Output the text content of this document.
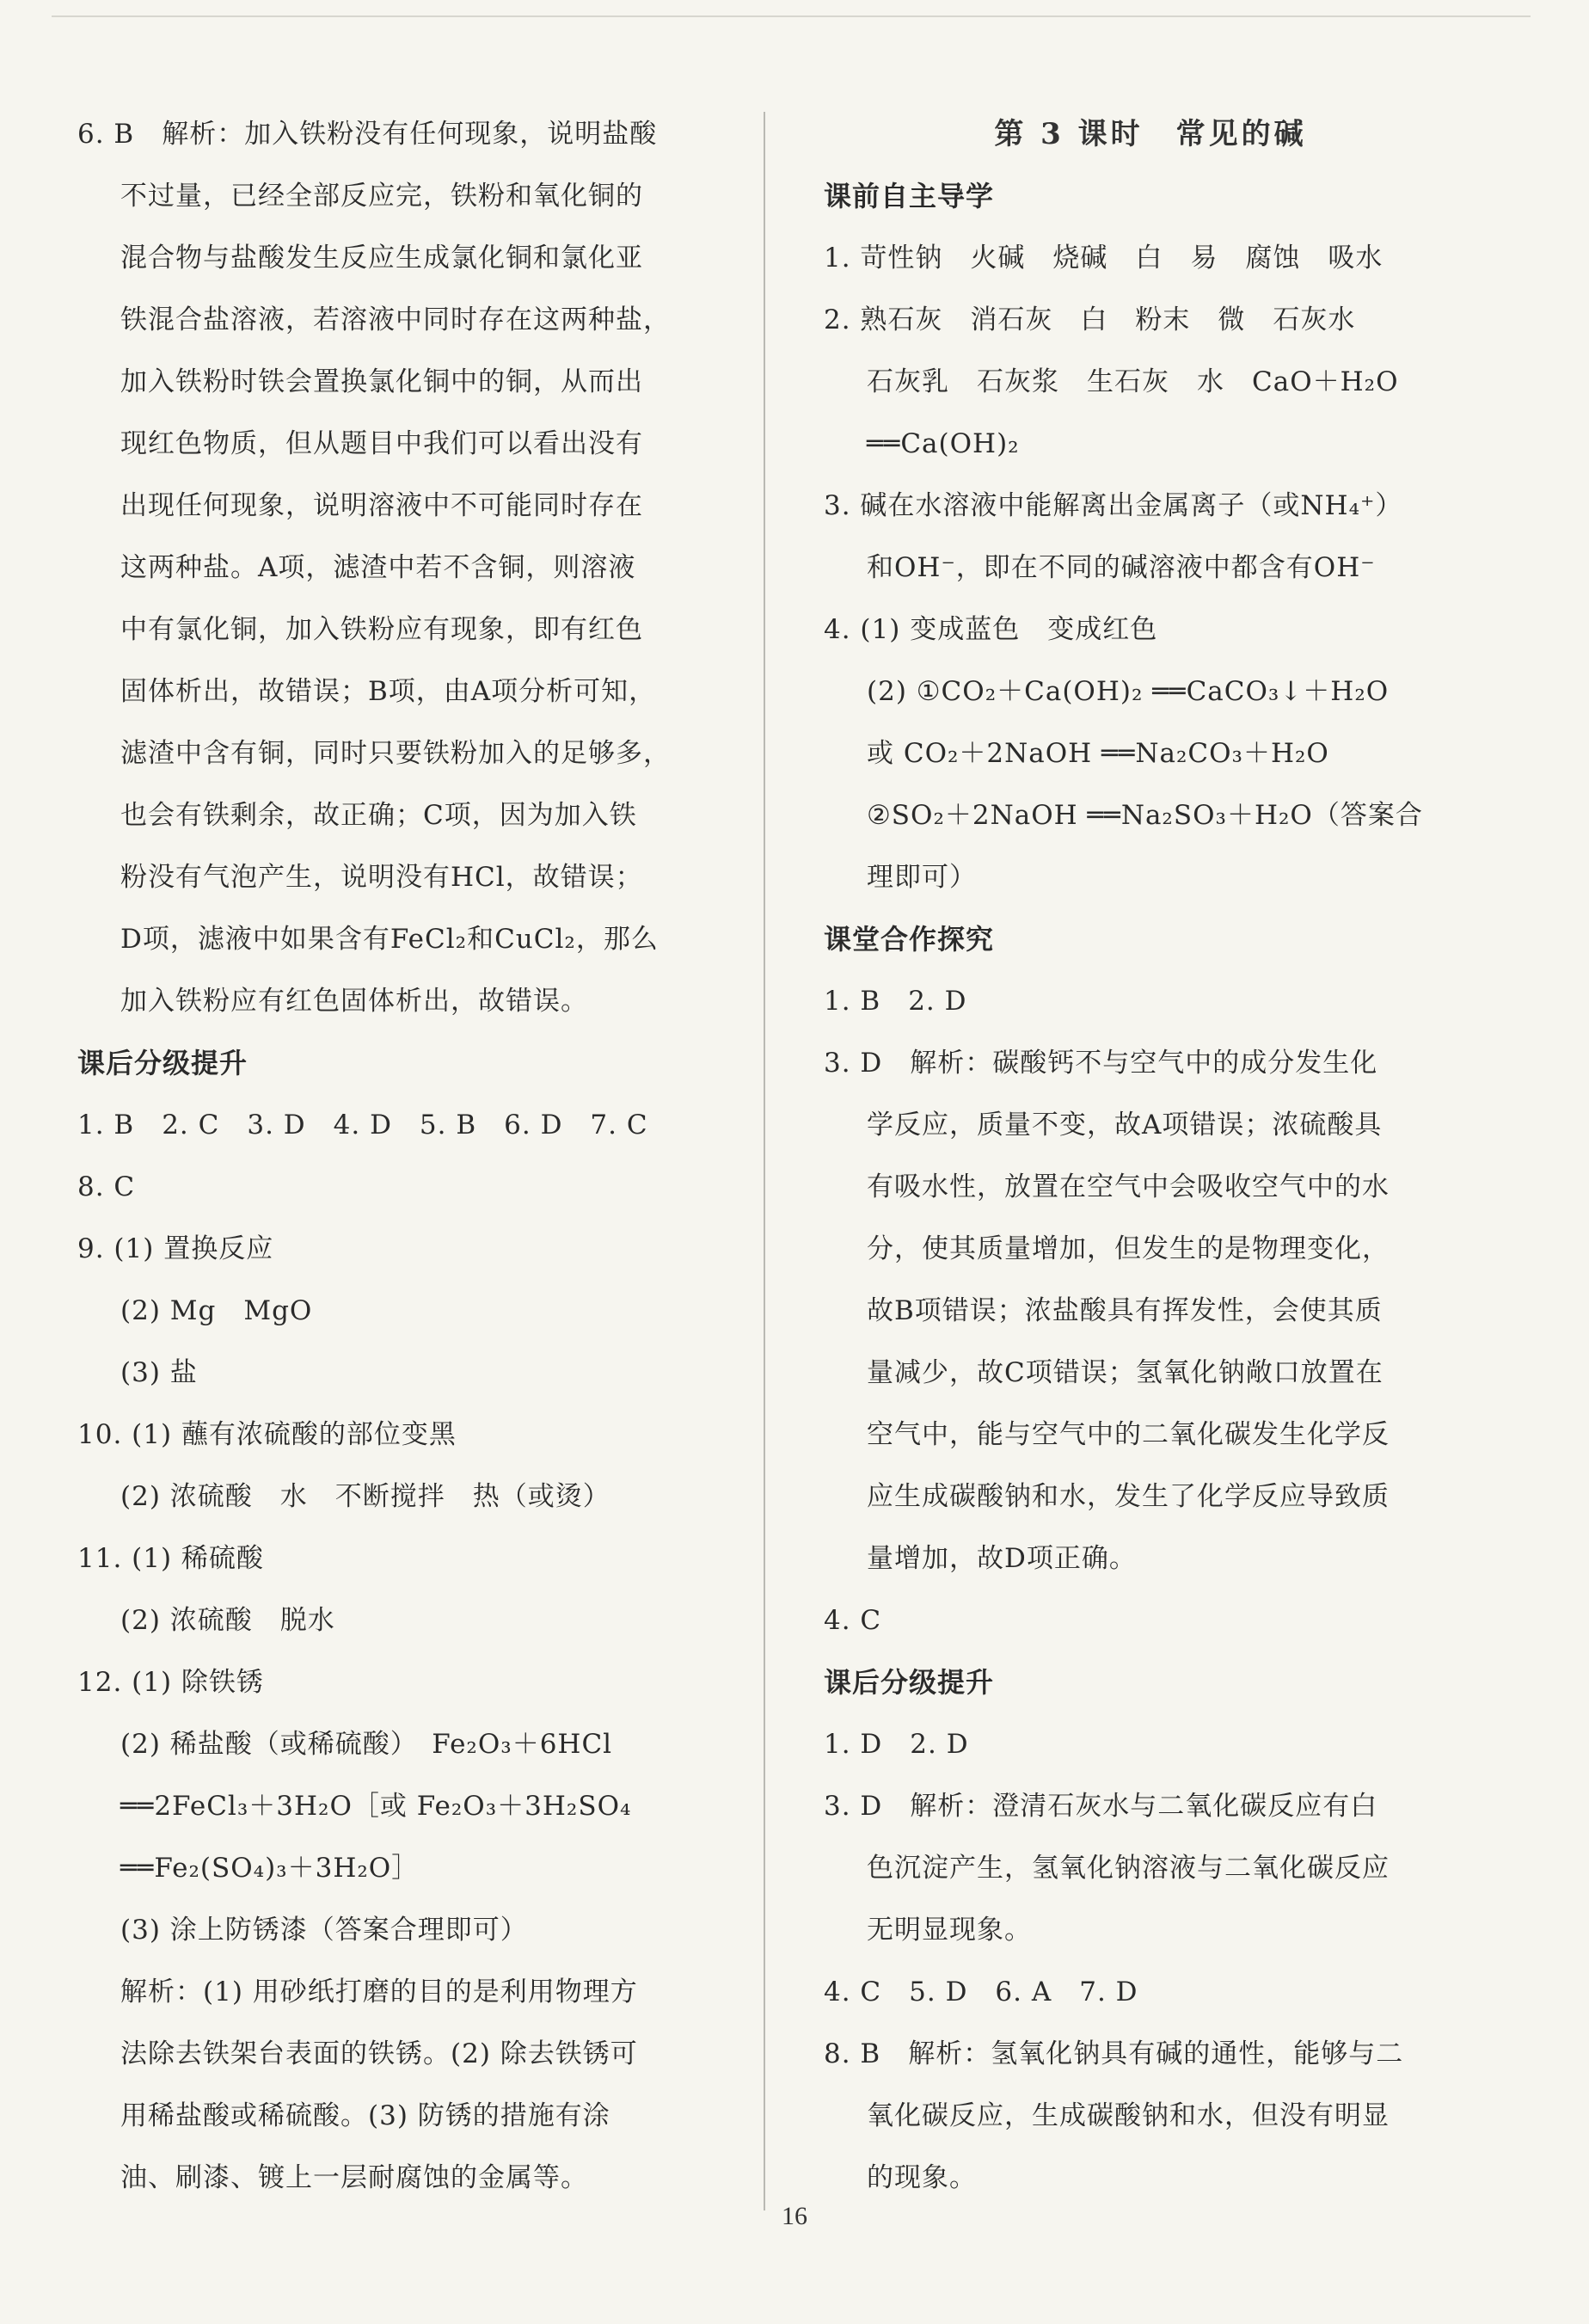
6. B　解析：加入铁粉没有任何现象，说明盐酸
不过量，已经全部反应完，铁粉和氧化铜的
混合物与盐酸发生反应生成氯化铜和氯化亚
铁混合盐溶液，若溶液中同时存在这两种盐，
加入铁粉时铁会置换氯化铜中的铜，从而出
现红色物质，但从题目中我们可以看出没有
出现任何现象，说明溶液中不可能同时存在
这两种盐。A项，滤渣中若不含铜，则溶液
中有氯化铜，加入铁粉应有现象，即有红色
固体析出，故错误；B项，由A项分析可知，
滤渣中含有铜，同时只要铁粉加入的足够多，
也会有铁剩余，故正确；C项，因为加入铁
粉没有气泡产生，说明没有HCl，故错误；
D项，滤液中如果含有FeCl₂和CuCl₂，那么
加入铁粉应有红色固体析出，故错误。
课后分级提升
1. B　2. C　3. D　4. D　5. B　6. D　7. C
8. C
9. (1) 置换反应
(2) Mg　MgO
(3) 盐
10. (1) 蘸有浓硫酸的部位变黑
(2) 浓硫酸　水　不断搅拌　热（或烫）
11. (1) 稀硫酸
(2) 浓硫酸　脱水
12. (1) 除铁锈
(2) 稀盐酸（或稀硫酸）　Fe₂O₃＋6HCl
══2FeCl₃＋3H₂O［或 Fe₂O₃＋3H₂SO₄
══Fe₂(SO₄)₃＋3H₂O］
(3) 涂上防锈漆（答案合理即可）
解析：(1) 用砂纸打磨的目的是利用物理方
法除去铁架台表面的铁锈。(2) 除去铁锈可
用稀盐酸或稀硫酸。(3) 防锈的措施有涂
油、刷漆、镀上一层耐腐蚀的金属等。
第 3 课时　常见的碱
课前自主导学
1. 苛性钠　火碱　烧碱　白　易　腐蚀　吸水
2. 熟石灰　消石灰　白　粉末　微　石灰水
石灰乳　石灰浆　生石灰　水　CaO＋H₂O
══Ca(OH)₂
3. 碱在水溶液中能解离出金属离子（或NH₄⁺）
和OH⁻，即在不同的碱溶液中都含有OH⁻
4. (1) 变成蓝色　变成红色
(2) ①CO₂＋Ca(OH)₂ ══CaCO₃↓＋H₂O
或 CO₂＋2NaOH ══Na₂CO₃＋H₂O
②SO₂＋2NaOH ══Na₂SO₃＋H₂O（答案合
理即可）
课堂合作探究
1. B　2. D
3. D　解析：碳酸钙不与空气中的成分发生化
学反应，质量不变，故A项错误；浓硫酸具
有吸水性，放置在空气中会吸收空气中的水
分，使其质量增加，但发生的是物理变化，
故B项错误；浓盐酸具有挥发性，会使其质
量减少，故C项错误；氢氧化钠敞口放置在
空气中，能与空气中的二氧化碳发生化学反
应生成碳酸钠和水，发生了化学反应导致质
量增加，故D项正确。
4. C
课后分级提升
1. D　2. D
3. D　解析：澄清石灰水与二氧化碳反应有白
色沉淀产生，氢氧化钠溶液与二氧化碳反应
无明显现象。
4. C　5. D　6. A　7. D
8. B　解析：氢氧化钠具有碱的通性，能够与二
氧化碳反应，生成碳酸钠和水，但没有明显
的现象。
16
